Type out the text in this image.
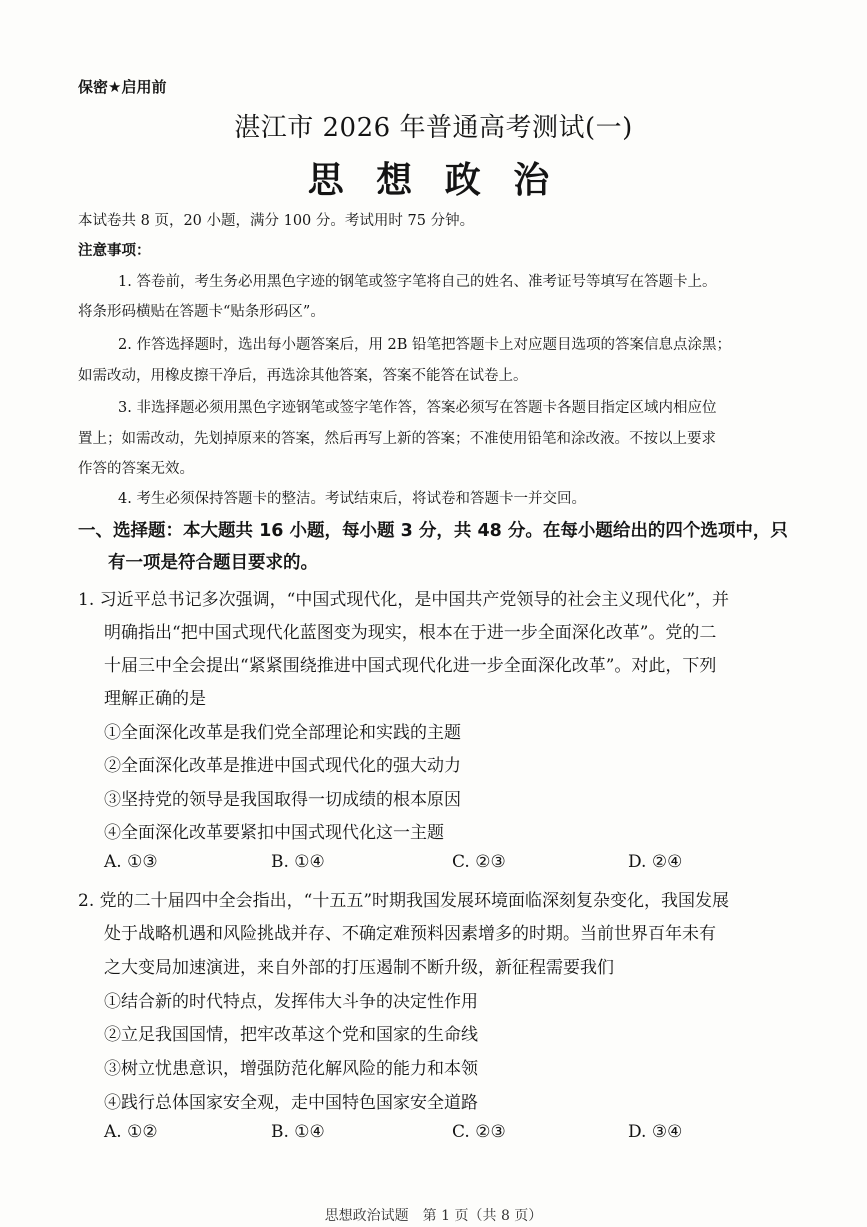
保密★启用前
湛江市 2026 年普通高考测试(一)
思 想 政 治
本试卷共 8 页，20 小题，满分 100 分。考试用时 75 分钟。
注意事项：
1. 答卷前，考生务必用黑色字迹的钢笔或签字笔将自己的姓名、准考证号等填写在答题卡上。
将条形码横贴在答题卡“贴条形码区”。
2. 作答选择题时，选出每小题答案后，用 2B 铅笔把答题卡上对应题目选项的答案信息点涂黑；
如需改动，用橡皮擦干净后，再选涂其他答案，答案不能答在试卷上。
3. 非选择题必须用黑色字迹钢笔或签字笔作答，答案必须写在答题卡各题目指定区域内相应位
置上；如需改动，先划掉原来的答案，然后再写上新的答案；不准使用铅笔和涂改液。不按以上要求
作答的答案无效。
4. 考生必须保持答题卡的整洁。考试结束后，将试卷和答题卡一并交回。
一、选择题：本大题共 16 小题，每小题 3 分，共 48 分。在每小题给出的四个选项中，只
有一项是符合题目要求的。
1. 习近平总书记多次强调，“中国式现代化，是中国共产党领导的社会主义现代化”，并
明确指出“把中国式现代化蓝图变为现实，根本在于进一步全面深化改革”。党的二
十届三中全会提出“紧紧围绕推进中国式现代化进一步全面深化改革”。对此，下列
理解正确的是
①全面深化改革是我们党全部理论和实践的主题
②全面深化改革是推进中国式现代化的强大动力
③坚持党的领导是我国取得一切成绩的根本原因
④全面深化改革要紧扣中国式现代化这一主题
A. ①③	B. ①④	C. ②③	D. ②④
2. 党的二十届四中全会指出，“十五五”时期我国发展环境面临深刻复杂变化，我国发展
处于战略机遇和风险挑战并存、不确定难预料因素增多的时期。当前世界百年未有
之大变局加速演进，来自外部的打压遏制不断升级，新征程需要我们
①结合新的时代特点，发挥伟大斗争的决定性作用
②立足我国国情，把牢改革这个党和国家的生命线
③树立忧患意识，增强防范化解风险的能力和本领
④践行总体国家安全观，走中国特色国家安全道路
A. ①②	B. ①④	C. ②③	D. ③④
思想政治试题　第 1 页（共 8 页）
